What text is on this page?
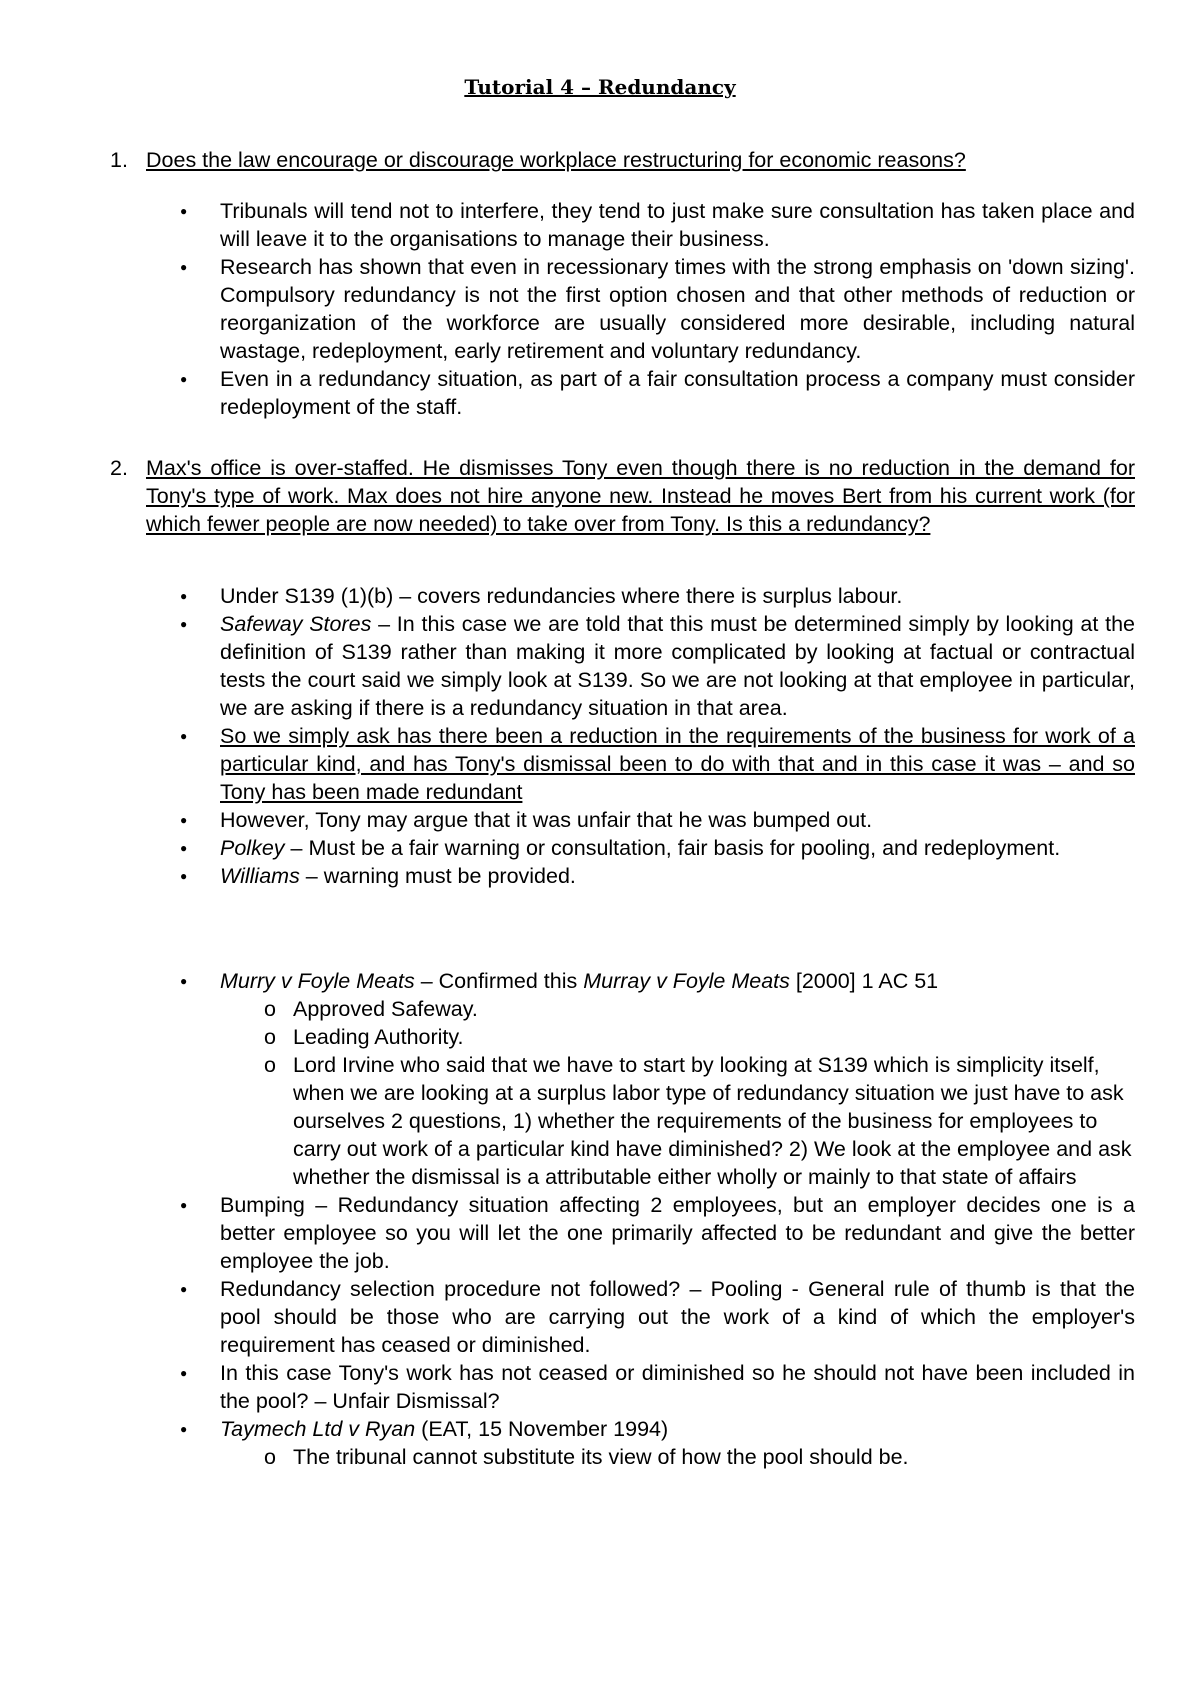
Tutorial 4 – Redundancy
1. Does the law encourage or discourage workplace restructuring for economic reasons?
● Tribunals will tend not to interfere, they tend to just make sure consultation has taken place and will leave it to the organisations to manage their business.
● Research has shown that even in recessionary times with the strong emphasis on 'down sizing'. Compulsory redundancy is not the first option chosen and that other methods of reduction or reorganization of the workforce are usually considered more desirable, including natural wastage, redeployment, early retirement and voluntary redundancy.
● Even in a redundancy situation, as part of a fair consultation process a company must consider redeployment of the staff.
2. Max's office is over-staffed. He dismisses Tony even though there is no reduction in the demand for Tony's type of work. Max does not hire anyone new. Instead he moves Bert from his current work (for which fewer people are now needed) to take over from Tony. Is this a redundancy?
● Under S139 (1)(b) – covers redundancies where there is surplus labour.
● Safeway Stores – In this case we are told that this must be determined simply by looking at the definition of S139 rather than making it more complicated by looking at factual or contractual tests the court said we simply look at S139. So we are not looking at that employee in particular, we are asking if there is a redundancy situation in that area.
● So we simply ask has there been a reduction in the requirements of the business for work of a particular kind, and has Tony's dismissal been to do with that and in this case it was – and so Tony has been made redundant
● However, Tony may argue that it was unfair that he was bumped out.
● Polkey – Must be a fair warning or consultation, fair basis for pooling, and redeployment.
● Williams – warning must be provided.
● Murry v Foyle Meats – Confirmed this Murray v Foyle Meats [2000] 1 AC 51
o Approved Safeway.
o Leading Authority.
o Lord Irvine who said that we have to start by looking at S139 which is simplicity itself, when we are looking at a surplus labor type of redundancy situation we just have to ask ourselves 2 questions, 1) whether the requirements of the business for employees to carry out work of a particular kind have diminished? 2) We look at the employee and ask whether the dismissal is a attributable either wholly or mainly to that state of affairs
● Bumping – Redundancy situation affecting 2 employees, but an employer decides one is a better employee so you will let the one primarily affected to be redundant and give the better employee the job.
● Redundancy selection procedure not followed? – Pooling - General rule of thumb is that the pool should be those who are carrying out the work of a kind of which the employer's requirement has ceased or diminished.
● In this case Tony's work has not ceased or diminished so he should not have been included in the pool? – Unfair Dismissal?
● Taymech Ltd v Ryan (EAT, 15 November 1994)
o The tribunal cannot substitute its view of how the pool should be.
